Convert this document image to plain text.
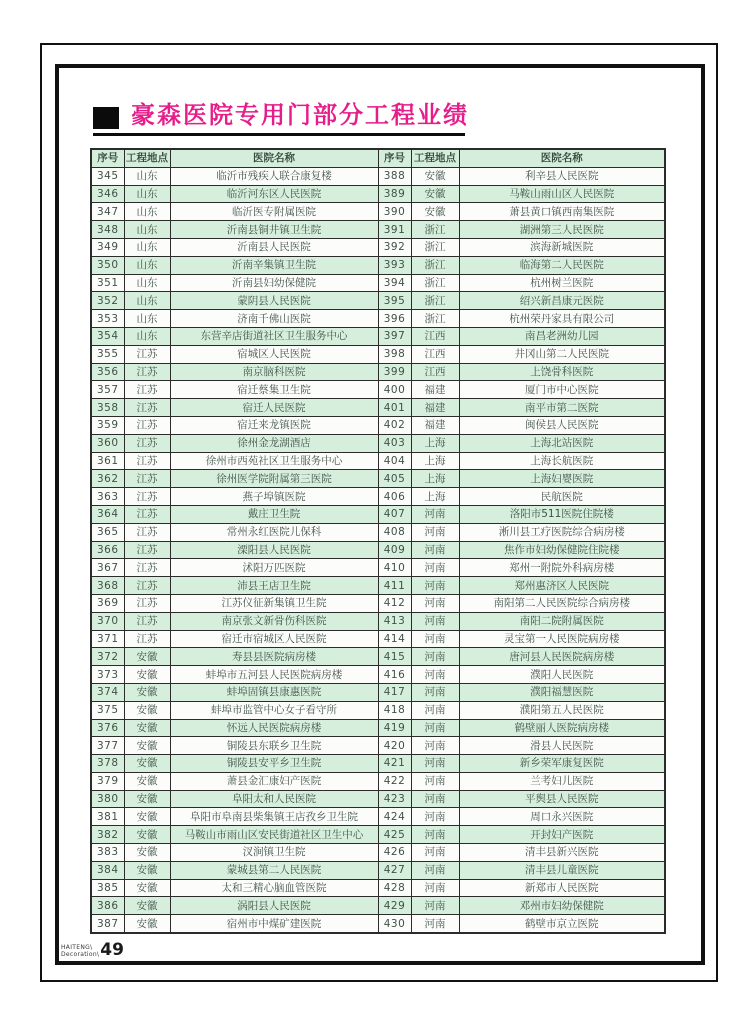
豪森医院专用门部分工程业绩
序号	工程地点	医院名称	序号	工程地点	医院名称
345	山东	临沂市残疾人联合康复楼	388	安徽	利辛县人民医院
346	山东	临沂河东区人民医院	389	安徽	马鞍山雨山区人民医院
347	山东	临沂医专附属医院	390	安徽	萧县黄口镇西南集医院
348	山东	沂南县铜井镇卫生院	391	浙江	湖洲第三人民医院
349	山东	沂南县人民医院	392	浙江	滨海新城医院
350	山东	沂南辛集镇卫生院	393	浙江	临海第二人民医院
351	山东	沂南县妇幼保健院	394	浙江	杭州树兰医院
352	山东	蒙阴县人民医院	395	浙江	绍兴新昌康元医院
353	山东	济南千佛山医院	396	浙江	杭州荣丹家具有限公司
354	山东	东营辛店街道社区卫生服务中心	397	江西	南昌老洲幼儿园
355	江苏	宿城区人民医院	398	江西	井冈山第二人民医院
356	江苏	南京脑科医院	399	江西	上饶骨科医院
357	江苏	宿迁蔡集卫生院	400	福建	厦门市中心医院
358	江苏	宿迁人民医院	401	福建	南平市第二医院
359	江苏	宿迁来龙镇医院	402	福建	闽侯县人民医院
360	江苏	徐州金龙湖酒店	403	上海	上海北站医院
361	江苏	徐州市西苑社区卫生服务中心	404	上海	上海长航医院
362	江苏	徐州医学院附属第三医院	405	上海	上海妇婴医院
363	江苏	燕子埠镇医院	406	上海	民航医院
364	江苏	戴庄卫生院	407	河南	洛阳市511医院住院楼
365	江苏	常州永红医院儿保科	408	河南	淅川县工疗医院综合病房楼
366	江苏	溧阳县人民医院	409	河南	焦作市妇幼保健院住院楼
367	江苏	沭阳万匹医院	410	河南	郑州一附院外科病房楼
368	江苏	沛县王店卫生院	411	河南	郑州惠济区人民医院
369	江苏	江苏仪征新集镇卫生院	412	河南	南阳第二人民医院综合病房楼
370	江苏	南京张文新骨伤科医院	413	河南	南阳二院附属医院
371	江苏	宿迁市宿城区人民医院	414	河南	灵宝第一人民医院病房楼
372	安徽	寿县县医院病房楼	415	河南	唐河县人民医院病房楼
373	安徽	蚌埠市五河县人民医院病房楼	416	河南	濮阳人民医院
374	安徽	蚌埠固镇县康惠医院	417	河南	濮阳福慧医院
375	安徽	蚌埠市监管中心女子看守所	418	河南	濮阳第五人民医院
376	安徽	怀远人民医院病房楼	419	河南	鹤壁丽人医院病房楼
377	安徽	铜陵县东联乡卫生院	420	河南	滑县人民医院
378	安徽	铜陵县安平乡卫生院	421	河南	新乡荣军康复医院
379	安徽	萧县金汇康妇产医院	422	河南	兰考妇儿医院
380	安徽	阜阳太和人民医院	423	河南	平舆县人民医院
381	安徽	阜阳市阜南县柴集镇王店孜乡卫生院	424	河南	周口永兴医院
382	安徽	马鞍山市雨山区安民街道社区卫生中心	425	河南	开封妇产医院
383	安徽	汊涧镇卫生院	426	河南	清丰县新兴医院
384	安徽	蒙城县第二人民医院	427	河南	清丰县儿童医院
385	安徽	太和三精心脑血管医院	428	河南	新郑市人民医院
386	安徽	涡阳县人民医院	429	河南	邓州市妇幼保健院
387	安徽	宿州市中煤矿建医院	430	河南	鹤壁市京立医院
HAITENG\
Decoration\ 49
